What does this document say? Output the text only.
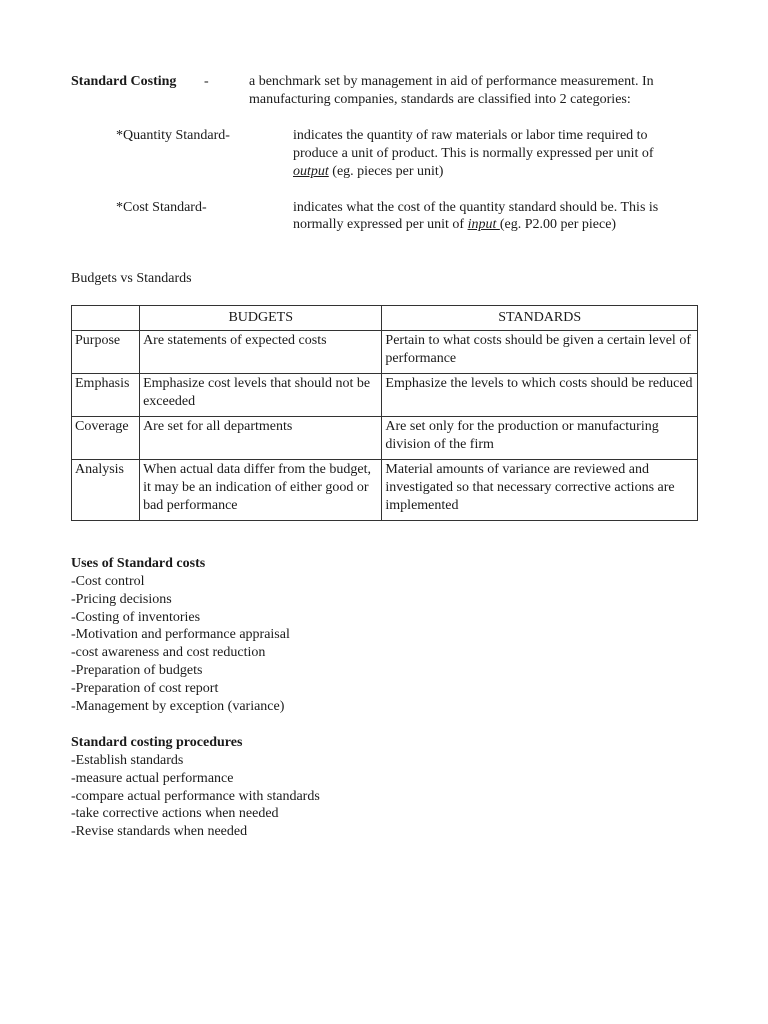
Standard Costing -	a benchmark set by management in aid of performance measurement. In
manufacturing companies, standards are classified into 2 categories:
*Quantity Standard-	indicates the quantity of raw materials or labor time required to
produce a unit of product. This is normally expressed per unit of
output (eg. pieces per unit)
*Cost Standard-	indicates what the cost of the quantity standard should be. This is
normally expressed per unit of input (eg. P2.00 per piece)
Budgets vs Standards
	BUDGETS	STANDARDS
Purpose	Are statements of expected costs	Pertain to what costs should be given a certain level of performance
Emphasis	Emphasize cost levels that should not be exceeded	Emphasize the levels to which costs should be reduced
Coverage	Are set for all departments	Are set only for the production or manufacturing division of the firm
Analysis	When actual data differ from the budget, it may be an indication of either good or bad performance	Material amounts of variance are reviewed and investigated so that necessary corrective actions are implemented
Uses of Standard costs
-Cost control
-Pricing decisions
-Costing of inventories
-Motivation and performance appraisal
-cost awareness and cost reduction
-Preparation of budgets
-Preparation of cost report
-Management by exception (variance)
Standard costing procedures
-Establish standards
-measure actual performance
-compare actual performance with standards
-take corrective actions when needed
-Revise standards when needed
